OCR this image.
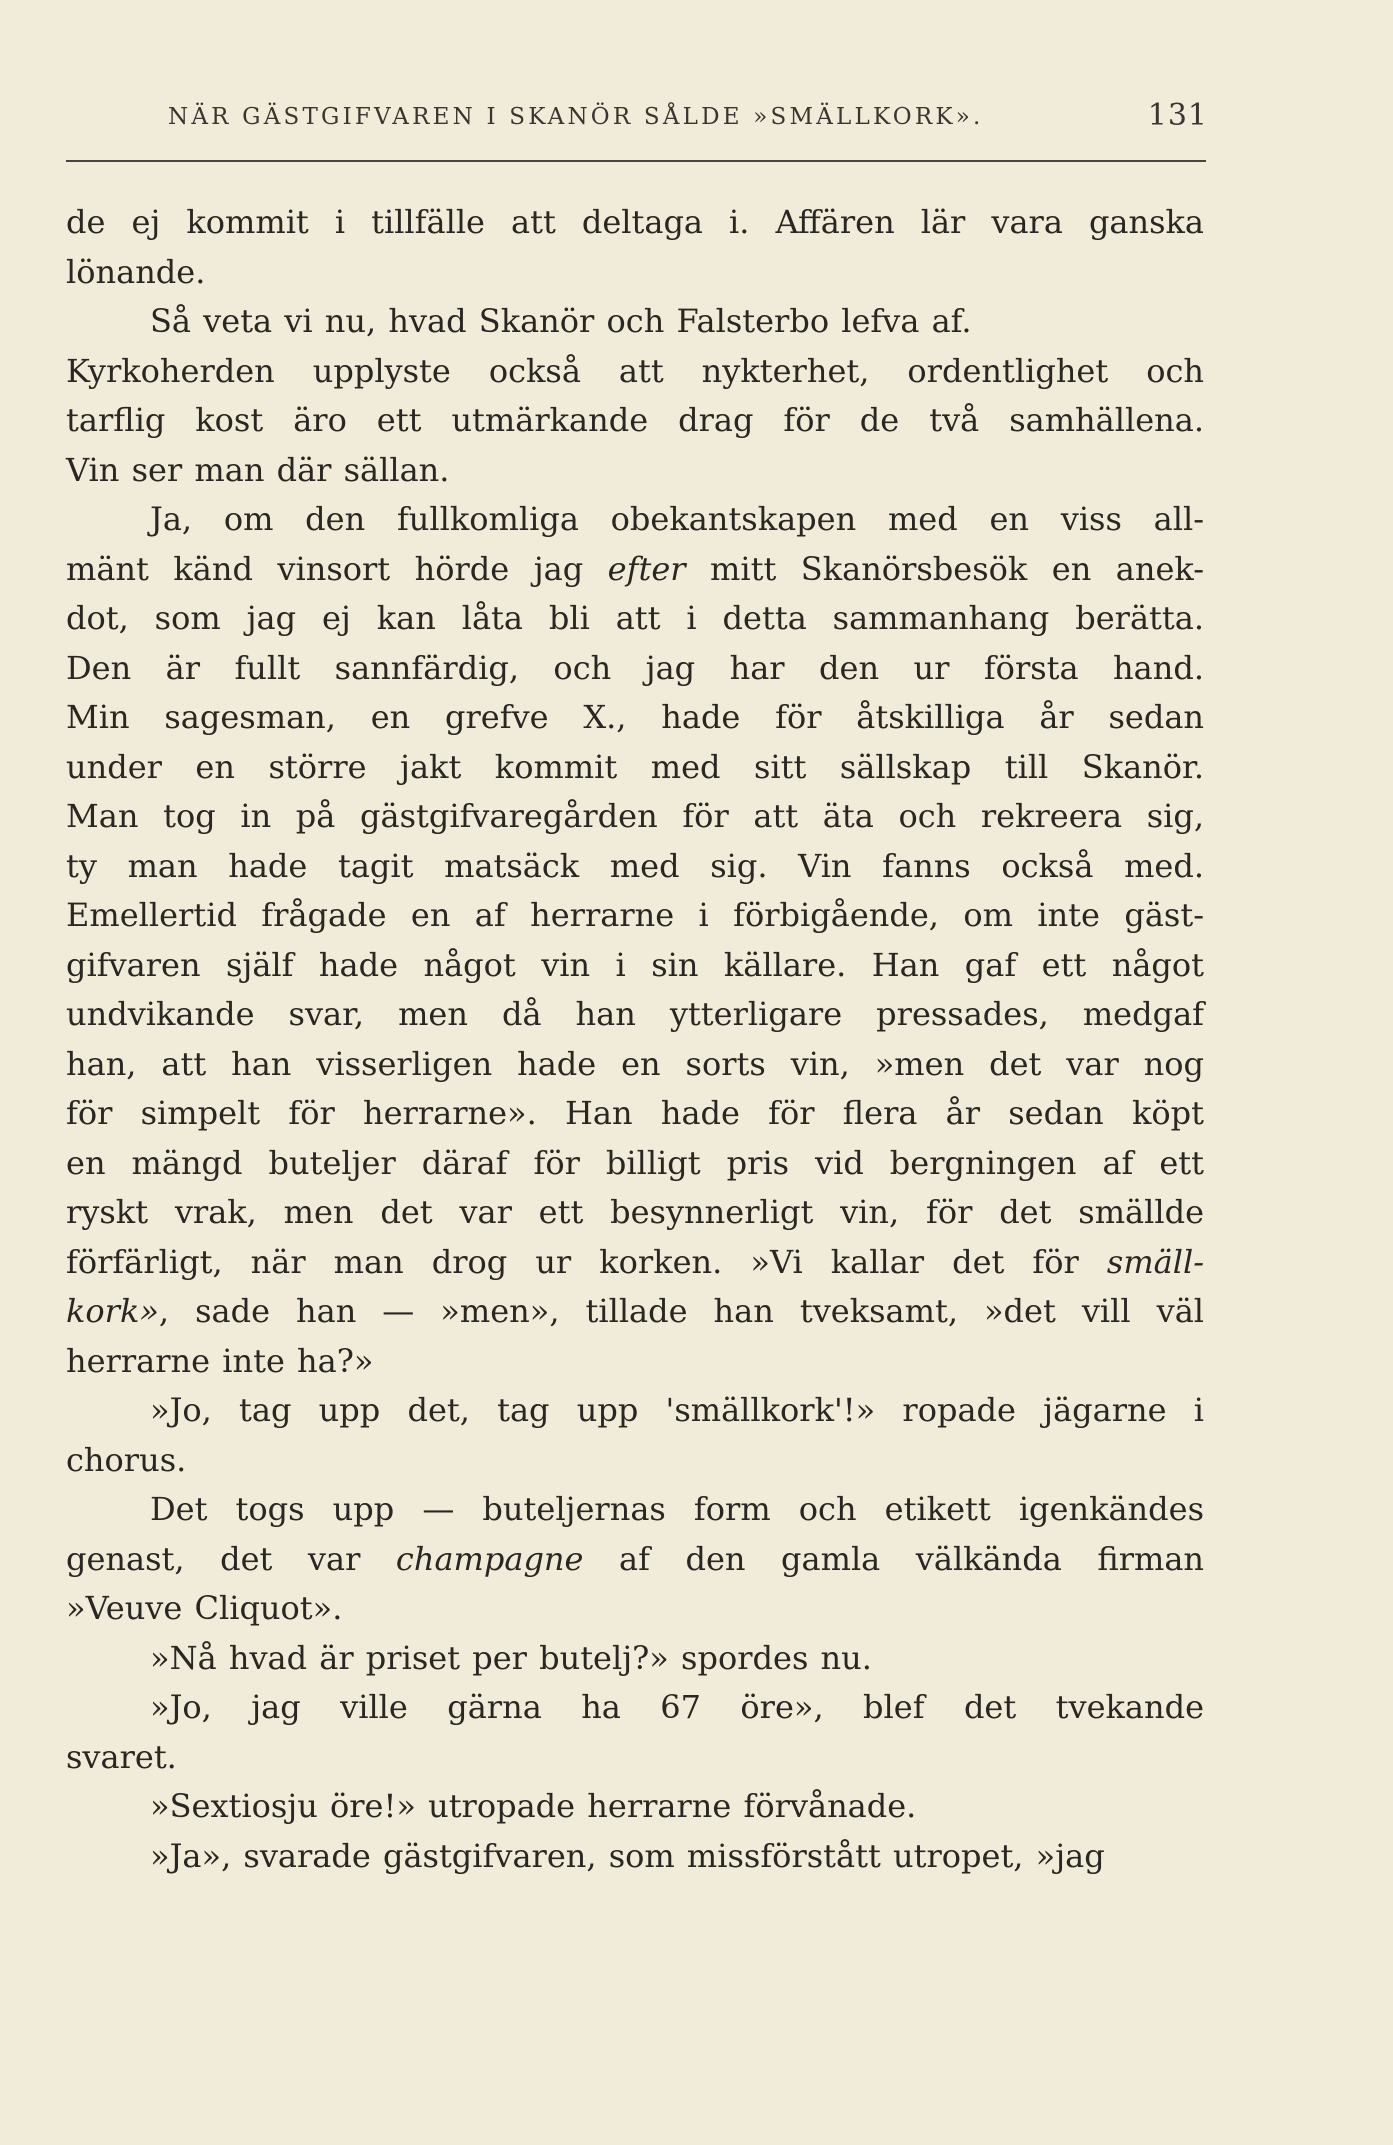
NÄR GÄSTGIFVAREN I SKANÖR SÅLDE »SMÄLLKORK».	131
de ej kommit i tillfälle att deltaga i. Affären lär vara ganska
lönande.
Så veta vi nu, hvad Skanör och Falsterbo lefva af.
Kyrkoherden upplyste också att nykterhet, ordentlighet och
tarflig kost äro ett utmärkande drag för de två samhällena.
Vin ser man där sällan.
Ja, om den fullkomliga obekantskapen med en viss all-
mänt känd vinsort hörde jag efter mitt Skanörsbesök en anek-
dot, som jag ej kan låta bli att i detta sammanhang berätta.
Den är fullt sannfärdig, och jag har den ur första hand.
Min sagesman, en grefve X., hade för åtskilliga år sedan
under en större jakt kommit med sitt sällskap till Skanör.
Man tog in på gästgifvaregården för att äta och rekreera sig,
ty man hade tagit matsäck med sig. Vin fanns också med.
Emellertid frågade en af herrarne i förbigående, om inte gäst-
gifvaren själf hade något vin i sin källare. Han gaf ett något
undvikande svar, men då han ytterligare pressades, medgaf
han, att han visserligen hade en sorts vin, »men det var nog
för simpelt för herrarne». Han hade för flera år sedan köpt
en mängd buteljer däraf för billigt pris vid bergningen af ett
ryskt vrak, men det var ett besynnerligt vin, för det smällde
förfärligt, när man drog ur korken. »Vi kallar det för smäll-
kork», sade han — »men», tillade han tveksamt, »det vill väl
herrarne inte ha?»
»Jo, tag upp det, tag upp 'smällkork'!» ropade jägarne i
chorus.
Det togs upp — buteljernas form och etikett igenkändes
genast, det var champagne af den gamla välkända firman
»Veuve Cliquot».
»Nå hvad är priset per butelj?» spordes nu.
»Jo, jag ville gärna ha 67 öre», blef det tvekande
svaret.
»Sextiosju öre!» utropade herrarne förvånade.
»Ja», svarade gästgifvaren, som missförstått utropet, »jag
